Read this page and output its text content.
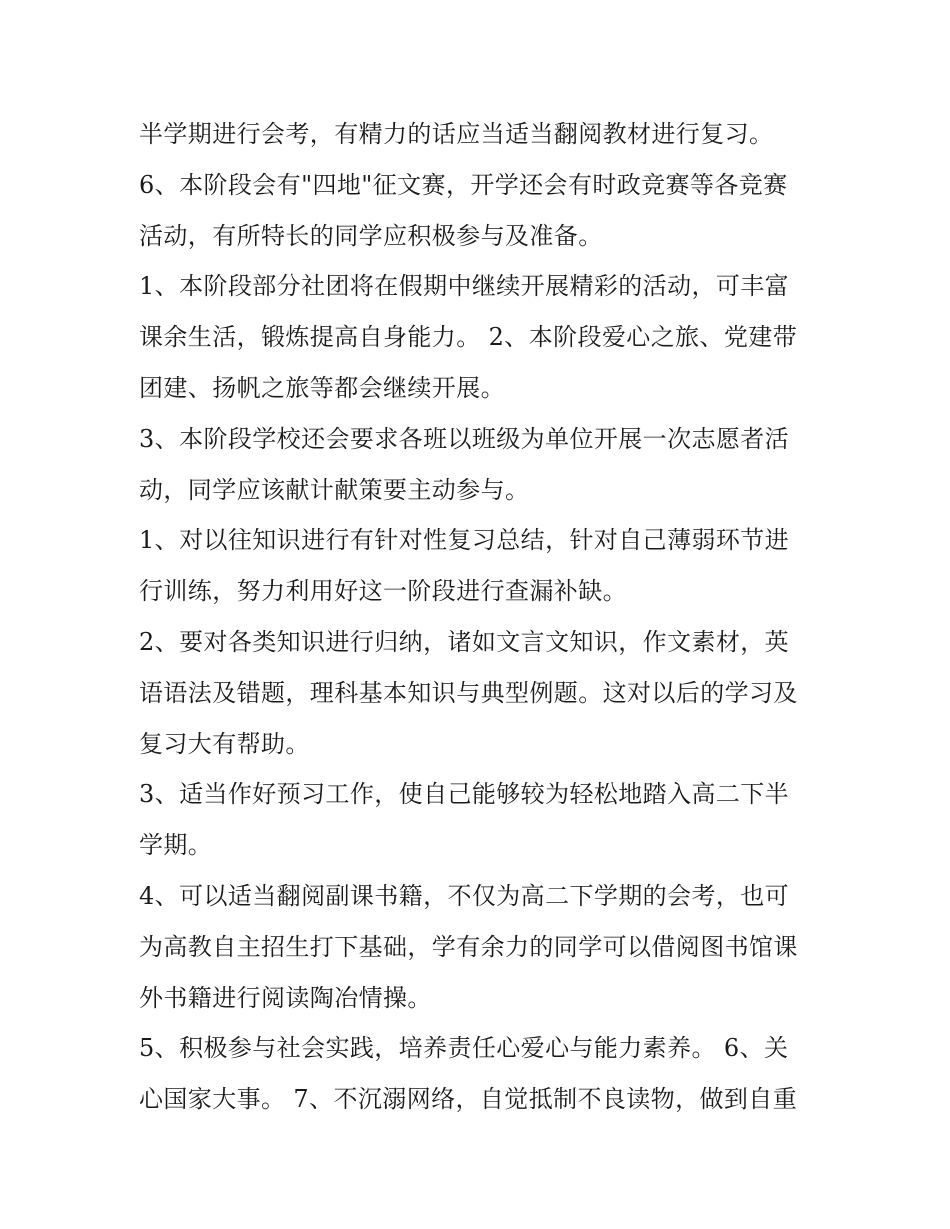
半学期进行会考，有精力的话应当适当翻阅教材进行复习。
6、本阶段会有"四地"征文赛，开学还会有时政竞赛等各竞赛
活动，有所特长的同学应积极参与及准备。
1、本阶段部分社团将在假期中继续开展精彩的活动，可丰富
课余生活，锻炼提高自身能力。 2、本阶段爱心之旅、党建带
团建、扬帆之旅等都会继续开展。
3、本阶段学校还会要求各班以班级为单位开展一次志愿者活
动，同学应该献计献策要主动参与。
1、对以往知识进行有针对性复习总结，针对自己薄弱环节进
行训练，努力利用好这一阶段进行查漏补缺。
2、要对各类知识进行归纳，诸如文言文知识，作文素材，英
语语法及错题，理科基本知识与典型例题。这对以后的学习及
复习大有帮助。
3、适当作好预习工作，使自己能够较为轻松地踏入高二下半
学期。
4、可以适当翻阅副课书籍，不仅为高二下学期的会考，也可
为高教自主招生打下基础，学有余力的同学可以借阅图书馆课
外书籍进行阅读陶冶情操。
5、积极参与社会实践，培养责任心爱心与能力素养。 6、关
心国家大事。 7、不沉溺网络，自觉抵制不良读物，做到自重
